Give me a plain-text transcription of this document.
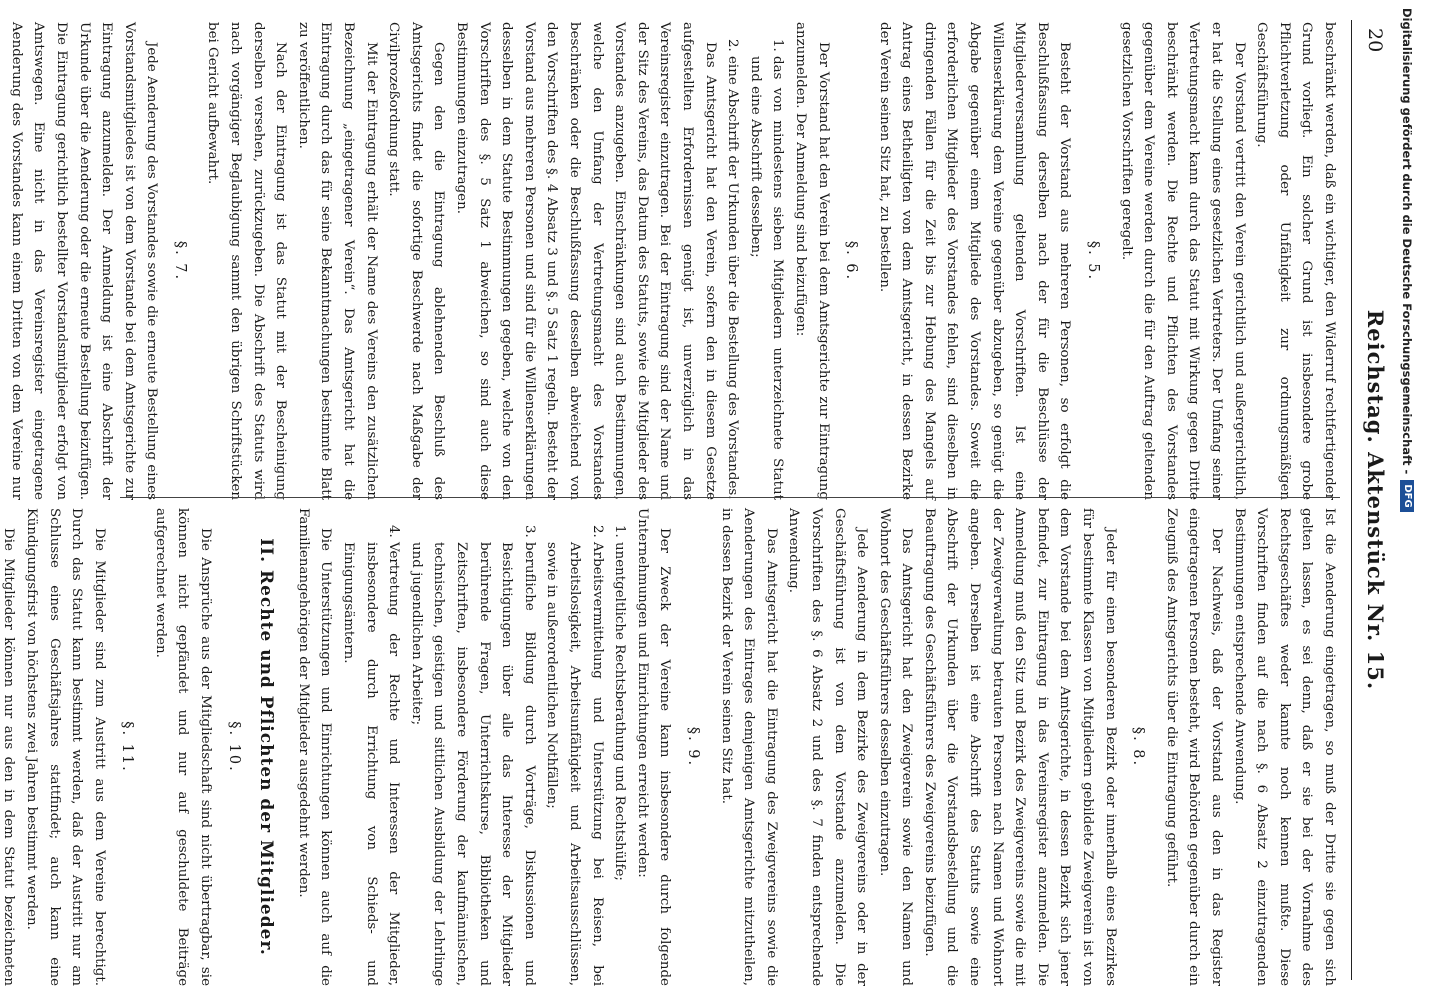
20
Reichstag. Aktenstück Nr. 15.

beschränkt werden, daß ein wichtiger, den Widerruf rechtfertigender Grund vorliegt. Ein solcher Grund ist insbesondere grobe Pflichtverletzung oder Unfähigkeit zur ordnungsmäßigen Geschäftsführung.

Der Vorstand vertritt den Verein gerichtlich und außergerichtlich, er hat die Stellung eines gesetzlichen Vertreters. Der Umfang seiner Vertretungsmacht kann durch das Statut mit Wirkung gegen Dritte beschränkt werden. Die Rechte und Pflichten des Vorstandes gegenüber dem Vereine werden durch die für den Auftrag geltenden gesetzlichen Vorschriften geregelt.

§. 5.

Besteht der Vorstand aus mehreren Personen, so erfolgt die Beschlußfassung derselben nach der für die Beschlüsse der Mitgliederversammlung geltenden Vorschriften. Ist eine Willenserklärung dem Vereine gegenüber abzugeben, so genügt die Abgabe gegenüber einem Mitgliede des Vorstandes. Soweit die erforderlichen Mitglieder des Vorstandes fehlen, sind dieselben in dringenden Fällen für die Zeit bis zur Hebung des Mangels auf Antrag eines Betheiligten von dem Amtsgericht, in dessen Bezirke der Verein seinen Sitz hat, zu bestellen.

§. 6.

Der Vorstand hat den Verein bei dem Amtsgerichte zur Eintragung anzumelden. Der Anmeldung sind beizufügen:

1. das von mindestens sieben Mitgliedern unterzeichnete Statut und eine Abschrift desselben;
2. eine Abschrift der Urkunden über die Bestellung des Vorstandes.

Das Amtsgericht hat den Verein, sofern den in diesem Gesetze aufgestellten Erfordernissen genügt ist, unverzüglich in das Vereinsregister einzutragen. Bei der Eintragung sind der Name und der Sitz des Vereins, das Datum des Statuts, sowie die Mitglieder des Vorstandes anzugeben. Einschränkungen sind auch Bestimmungen, welche den Umfang der Vertretungsmacht des Vorstandes beschränken oder die Beschlußfassung desselben abweichend von den Vorschriften des §. 4 Absatz 3 und §. 5 Satz 1 regeln. Besteht der Vorstand aus mehreren Personen und sind für die Willenserklärungen desselben in dem Statute Bestimmungen gegeben, welche von den Vorschriften des §. 5 Satz 1 abweichen, so sind auch diese Bestimmungen einzutragen.

Gegen den die Eintragung ablehnenden Beschluß des Amtsgerichts findet die sofortige Beschwerde nach Maßgabe der Civilprozeßordnung statt.

Mit der Eintragung erhält der Name des Vereins den zusätzlichen Bezeichnung „eingetragener Verein“. Das Amtsgericht hat die Eintragung durch das für seine Bekanntmachungen bestimmte Blatt zu veröffentlichen.

Nach der Eintragung ist das Statut mit der Bescheinigung derselben versehen, zurückzugeben. Die Abschrift des Statuts wird nach vorgängiger Beglaubigung sammt den übrigen Schriftstücken bei Gericht aufbewahrt.

§. 7.

Jede Aenderung des Vorstandes sowie die erneute Bestellung eines Vorstandsmitgliedes ist von dem Vorstande bei dem Amtsgerichte zur Eintragung anzumelden. Der Anmeldung ist eine Abschrift der Urkunde über die Aenderung oder die erneute Bestellung beizufügen. Die Eintragung gerichtlich bestellter Vorstandsmitglieder erfolgt von Amtswegen. Eine nicht in das Vereinsregister eingetragene Aenderung des Vorstandes kann einem Dritten von dem Vereine nur

Ist die Aenderung eingetragen, so muß der Dritte sie gegen sich gelten lassen, es sei denn, daß er sie bei der Vornahme des Rechtsgeschäftes weder kannte noch kennen mußte. Diese Vorschriften finden auf die nach §. 6 Absatz 2 einzutragenden Bestimmungen entsprechende Anwendung.

Der Nachweis, daß der Vorstand aus den in das Register eingetragenen Personen besteht, wird Behörden gegenüber durch ein Zeugniß des Amtsgerichts über die Eintragung geführt.

§. 8.

Jeder für einen besonderen Bezirk oder innerhalb eines Bezirkes für bestimmte Klassen von Mitgliedern gebildete Zweigverein ist von dem Vorstande bei dem Amtsgerichte, in dessen Bezirk sich jener befindet, zur Eintragung in das Vereinsregister anzumelden. Die Anmeldung muß den Sitz und Bezirk des Zweigvereins sowie die mit der Zweigverwaltung betrauten Personen nach Namen und Wohnort angeben. Derselben ist eine Abschrift des Statuts sowie eine Abschrift der Urkunden über die Vorstandsbestellung und die Beauftragung des Geschäftsführers des Zweigvereins beizufügen.

Das Amtsgericht hat den Zweigverein sowie den Namen und Wohnort des Geschäftsführers desselben einzutragen.

Jede Aenderung in dem Bezirke des Zweigvereins oder in der Geschäftsführung ist von dem Vorstande anzumelden. Die Vorschriften des §. 6 Absatz 2 und des §. 7 finden entsprechende Anwendung.

Das Amtsgericht hat die Eintragung des Zweigvereins sowie die Aenderungen des Eintrages demjenigen Amtsgerichte mitzutheilen, in dessen Bezirk der Verein seinen Sitz hat.

§. 9.

Der Zweck der Vereine kann insbesondere durch folgende Unternehmungen und Einrichtungen erreicht werden:

1. unentgeltliche Rechtsberathung und Rechtshülfe;
2. Arbeitsvermittelung und Unterstützung bei Reisen, bei Arbeitslosigkeit, Arbeitsunfähigkeit und Arbeitsausschlüssen, sowie in außerordentlichen Nothfällen;
3. berufliche Bildung durch Vorträge, Diskussionen und Besichtigungen über alle das Interesse der Mitglieder berührende Fragen, Unterrichtskurse, Bibliotheken und Zeitschriften, insbesondere Förderung der kaufmännischen, technischen, geistigen und sittlichen Ausbildung der Lehrlinge und jugendlichen Arbeiter;
4. Vertretung der Rechte und Interessen der Mitglieder, insbesondere durch Errichtung von Schieds- und Einigungsämtern.

Die Unterstützungen und Einrichtungen können auch auf die Familienangehörigen der Mitglieder ausgedehnt werden.

II. Rechte und Pflichten der Mitglieder.
§. 10.

Die Ansprüche aus der Mitgliedschaft sind nicht übertragbar, sie können nicht gepfändet und nur auf geschuldete Beiträge aufgerechnet werden.

§. 11.

Die Mitglieder sind zum Austritt aus dem Vereine berechtigt. Durch das Statut kann bestimmt werden, daß der Austritt nur am Schlusse eines Geschäftsjahres stattfindet; auch kann eine Kündigungsfrist von höchstens zwei Jahren bestimmt werden.

Die Mitglieder können nur aus den in dem Statut bezeichneten

Digitalisierung gefördert durch die Deutsche Forschungsgemeinschaft -
DFG
